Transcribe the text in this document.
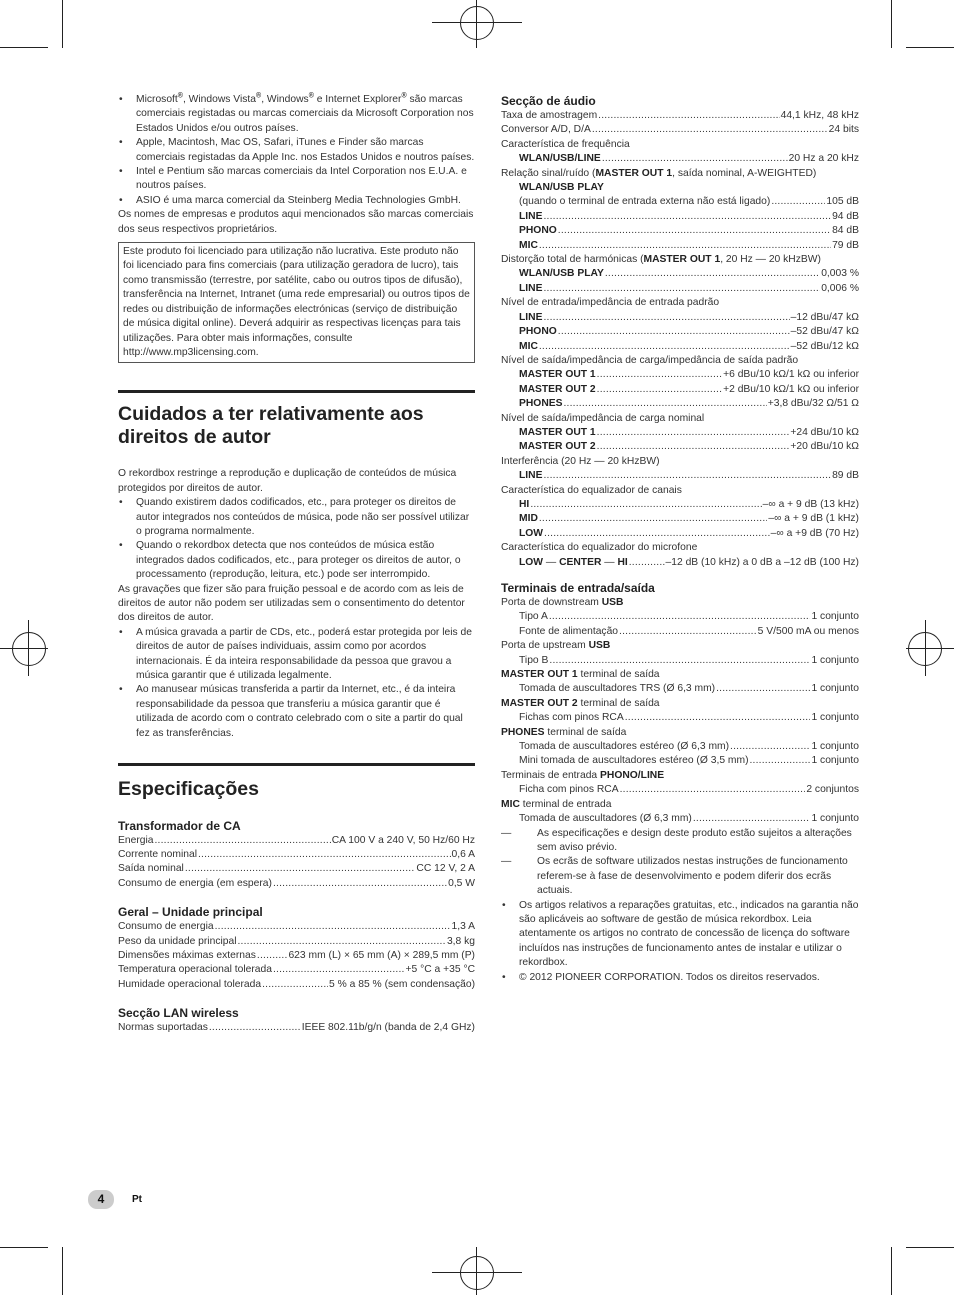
• Microsoft®, Windows Vista®, Windows® e Internet Explorer® são marcas comerciais registadas ou marcas comerciais da Microsoft Corporation nos Estados Unidos e/ou outros países.
• Apple, Macintosh, Mac OS, Safari, iTunes e Finder são marcas comerciais registadas da Apple Inc. nos Estados Unidos e noutros países.
• Intel e Pentium são marcas comerciais da Intel Corporation nos E.U.A. e noutros países.
• ASIO é uma marca comercial da Steinberg Media Technologies GmbH.

Os nomes de empresas e produtos aqui mencionados são marcas comerciais dos seus respectivos proprietários.

Este produto foi licenciado para utilização não lucrativa. Este produto não foi licenciado para fins comerciais (para utilização geradora de lucro), tais como transmissão (terrestre, por satélite, cabo ou outros tipos de difusão), transferência na Internet, Intranet (uma rede empresarial) ou outros tipos de redes ou distribuição de informações electrónicas (serviço de distribuição de música digital online). Deverá adquirir as respectivas licenças para tais utilizações. Para obter mais informações, consulte http://www.mp3licensing.com.
Cuidados a ter relativamente aos direitos de autor

O rekordbox restringe a reprodução e duplicação de conteúdos de música protegidos por direitos de autor.

• Quando existirem dados codificados, etc., para proteger os direitos de autor integrados nos conteúdos de música, pode não ser possível utilizar o programa normalmente.
• Quando o rekordbox detecta que nos conteúdos de música estão integrados dados codificados, etc., para proteger os direitos de autor, o processamento (reprodução, leitura, etc.) pode ser interrompido.

As gravações que fizer são para fruição pessoal e de acordo com as leis de direitos de autor não podem ser utilizadas sem o consentimento do detentor dos direitos de autor.

• A música gravada a partir de CDs, etc., poderá estar protegida por leis de direitos de autor de países individuais, assim como por acordos internacionais. É da inteira responsabilidade da pessoa que gravou a música garantir que é utilizada legalmente.
• Ao manusear músicas transferida a partir da Internet, etc., é da inteira responsabilidade da pessoa que transferiu a música garantir que é utilizada de acordo com o contrato celebrado com o site a partir do qual fez as transferências.
Especificações
Transformador de CA
Energia .....	CA 100 V a 240 V, 50 Hz/60 Hz
Corrente nominal .....	0,6 A
Saída nominal .....	CC 12 V, 2 A
Consumo de energia (em espera) .....	0,5 W
Geral – Unidade principal
Consumo de energia .....	1,3 A
Peso da unidade principal .....	3,8 kg
Dimensões máximas externas .....	623 mm (L) × 65 mm (A) × 289,5 mm (P)
Temperatura operacional tolerada .....	+5 °C a +35 °C
Humidade operacional tolerada .....	5 % a 85 % (sem condensação)
Secção LAN wireless
Normas suportadas .....	IEEE 802.11b/g/n (banda de 2,4 GHz)
Secção de áudio
Taxa de amostragem .....	44,1 kHz, 48 kHz
Conversor A/D, D/A .....	24 bits
Característica de frequência
WLAN/USB/LINE .....	20 Hz a 20 kHz
Relação sinal/ruído (MASTER OUT 1, saída nominal, A-WEIGHTED)
WLAN/USB PLAY
(quando o terminal de entrada externa não está ligado) .....	105 dB
LINE .....	94 dB
PHONO .....	84 dB
MIC .....	79 dB
Distorção total de harmónicas (MASTER OUT 1, 20 Hz — 20 kHzBW)
WLAN/USB PLAY .....	0,003 %
LINE .....	0,006 %
Nível de entrada/impedância de entrada padrão
LINE .....	–12 dBu/47 kΩ
PHONO .....	–52 dBu/47 kΩ
MIC .....	–52 dBu/12 kΩ
Nível de saída/impedância de carga/impedância de saída padrão
MASTER OUT 1 .....	+6 dBu/10 kΩ/1 kΩ ou inferior
MASTER OUT 2 .....	+2 dBu/10 kΩ/1 kΩ ou inferior
PHONES .....	+3,8 dBu/32 Ω/51 Ω
Nível de saída/impedância de carga nominal
MASTER OUT 1 .....	+24 dBu/10 kΩ
MASTER OUT 2 .....	+20 dBu/10 kΩ
Interferência (20 Hz — 20 kHzBW)
LINE .....	89 dB
Característica do equalizador de canais
HI .....	–∞ a + 9 dB (13 kHz)
MID .....	–∞ a + 9 dB (1 kHz)
LOW .....	–∞ a +9 dB (70 Hz)
Característica do equalizador do microfone
LOW — CENTER — HI .....	–12 dB (10 kHz) a 0 dB a –12 dB (100 Hz)
Terminais de entrada/saída
Porta de downstream USB
Tipo A .....	1 conjunto
Fonte de alimentação .....	5 V/500 mA ou menos
Porta de upstream USB
Tipo B .....	1 conjunto
MASTER OUT 1 terminal de saída
Tomada de auscultadores TRS (Ø 6,3 mm) .....	1 conjunto
MASTER OUT 2 terminal de saída
Fichas com pinos RCA .....	1 conjunto
PHONES terminal de saída
Tomada de auscultadores estéreo (Ø 6,3 mm) .....	1 conjunto
Mini tomada de auscultadores estéreo (Ø 3,5 mm) .....	1 conjunto
Terminais de entrada PHONO/LINE
Ficha com pinos RCA .....	2 conjuntos
MIC terminal de entrada
Tomada de auscultadores (Ø 6,3 mm) .....	1 conjunto
— As especificações e design deste produto estão sujeitos a alterações sem aviso prévio.
— Os ecrãs de software utilizados nestas instruções de funcionamento referem-se à fase de desenvolvimento e podem diferir dos ecrãs actuais.
• Os artigos relativos a reparações gratuitas, etc., indicados na garantia não são aplicáveis ao software de gestão de música rekordbox. Leia atentamente os artigos no contrato de concessão de licença do software incluídos nas instruções de funcionamento antes de instalar e utilizar o rekordbox.
• © 2012 PIONEER CORPORATION. Todos os direitos reservados.
4	Pt
